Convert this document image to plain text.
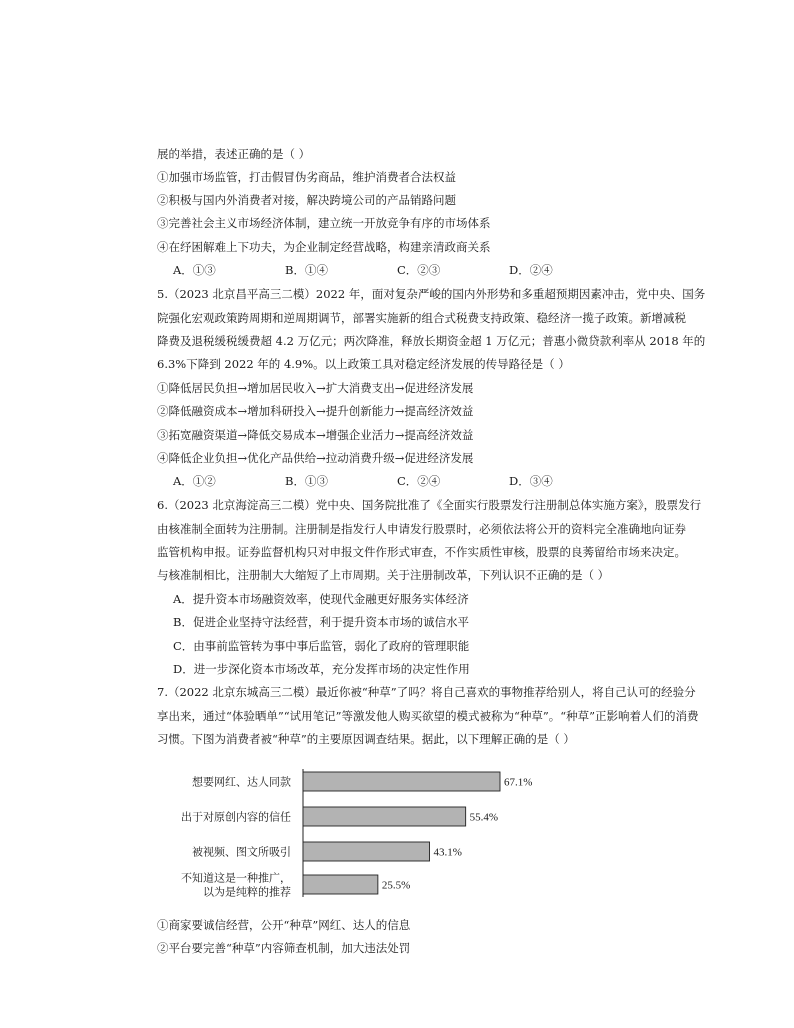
展的举措，表述正确的是（ ）
①加强市场监管，打击假冒伪劣商品，维护消费者合法权益
②积极与国内外消费者对接，解决跨境公司的产品销路问题
③完善社会主义市场经济体制，建立统一开放竞争有序的市场体系
④在纾困解难上下功夫，为企业制定经营战略，构建亲清政商关系
A．①③	B．①④	C．②③	D．②④
5.（2023 北京昌平高三二模）2022 年，面对复杂严峻的国内外形势和多重超预期因素冲击，党中央、国务
院强化宏观政策跨周期和逆周期调节，部署实施新的组合式税费支持政策、稳经济一揽子政策。新增减税
降费及退税缓税缓费超 4.2 万亿元；两次降准，释放长期资金超 1 万亿元；普惠小微贷款利率从 2018 年的
6.3%下降到 2022 年的 4.9%。以上政策工具对稳定经济发展的传导路径是（ ）
①降低居民负担→增加居民收入→扩大消费支出→促进经济发展
②降低融资成本→增加科研投入→提升创新能力→提高经济效益
③拓宽融资渠道→降低交易成本→增强企业活力→提高经济效益
④降低企业负担→优化产品供给→拉动消费升级→促进经济发展
A．①②	B．①③	C．②④	D．③④
6.（2023 北京海淀高三二模）党中央、国务院批准了《全面实行股票发行注册制总体实施方案》，股票发行
由核准制全面转为注册制。注册制是指发行人申请发行股票时，必须依法将公开的资料完全准确地向证券
监管机构申报。证券监督机构只对申报文件作形式审查，不作实质性审核，股票的良莠留给市场来决定。
与核准制相比，注册制大大缩短了上市周期。关于注册制改革，下列认识不正确的是（ ）
A．提升资本市场融资效率，使现代金融更好服务实体经济
B．促进企业坚持守法经营，利于提升资本市场的诚信水平
C．由事前监管转为事中事后监管，弱化了政府的管理职能
D．进一步深化资本市场改革，充分发挥市场的决定性作用
7.（2022 北京东城高三二模）最近你被“种草”了吗？将自己喜欢的事物推荐给别人，将自己认可的经验分
享出来，通过“体验晒单”“试用笔记”等激发他人购买欲望的模式被称为“种草”。“种草”正影响着人们的消费
习惯。下图为消费者被“种草”的主要原因调查结果。据此，以下理解正确的是（ ）
67.1%
想要网红、达人同款
55.4%
出于对原创内容的信任
43.1%
被视频、图文所吸引
25.5%
不知道这是一种推广，以为是纯粹的推荐
①商家要诚信经营，公开“种草”网红、达人的信息
②平台要完善“种草”内容筛查机制，加大违法处罚
